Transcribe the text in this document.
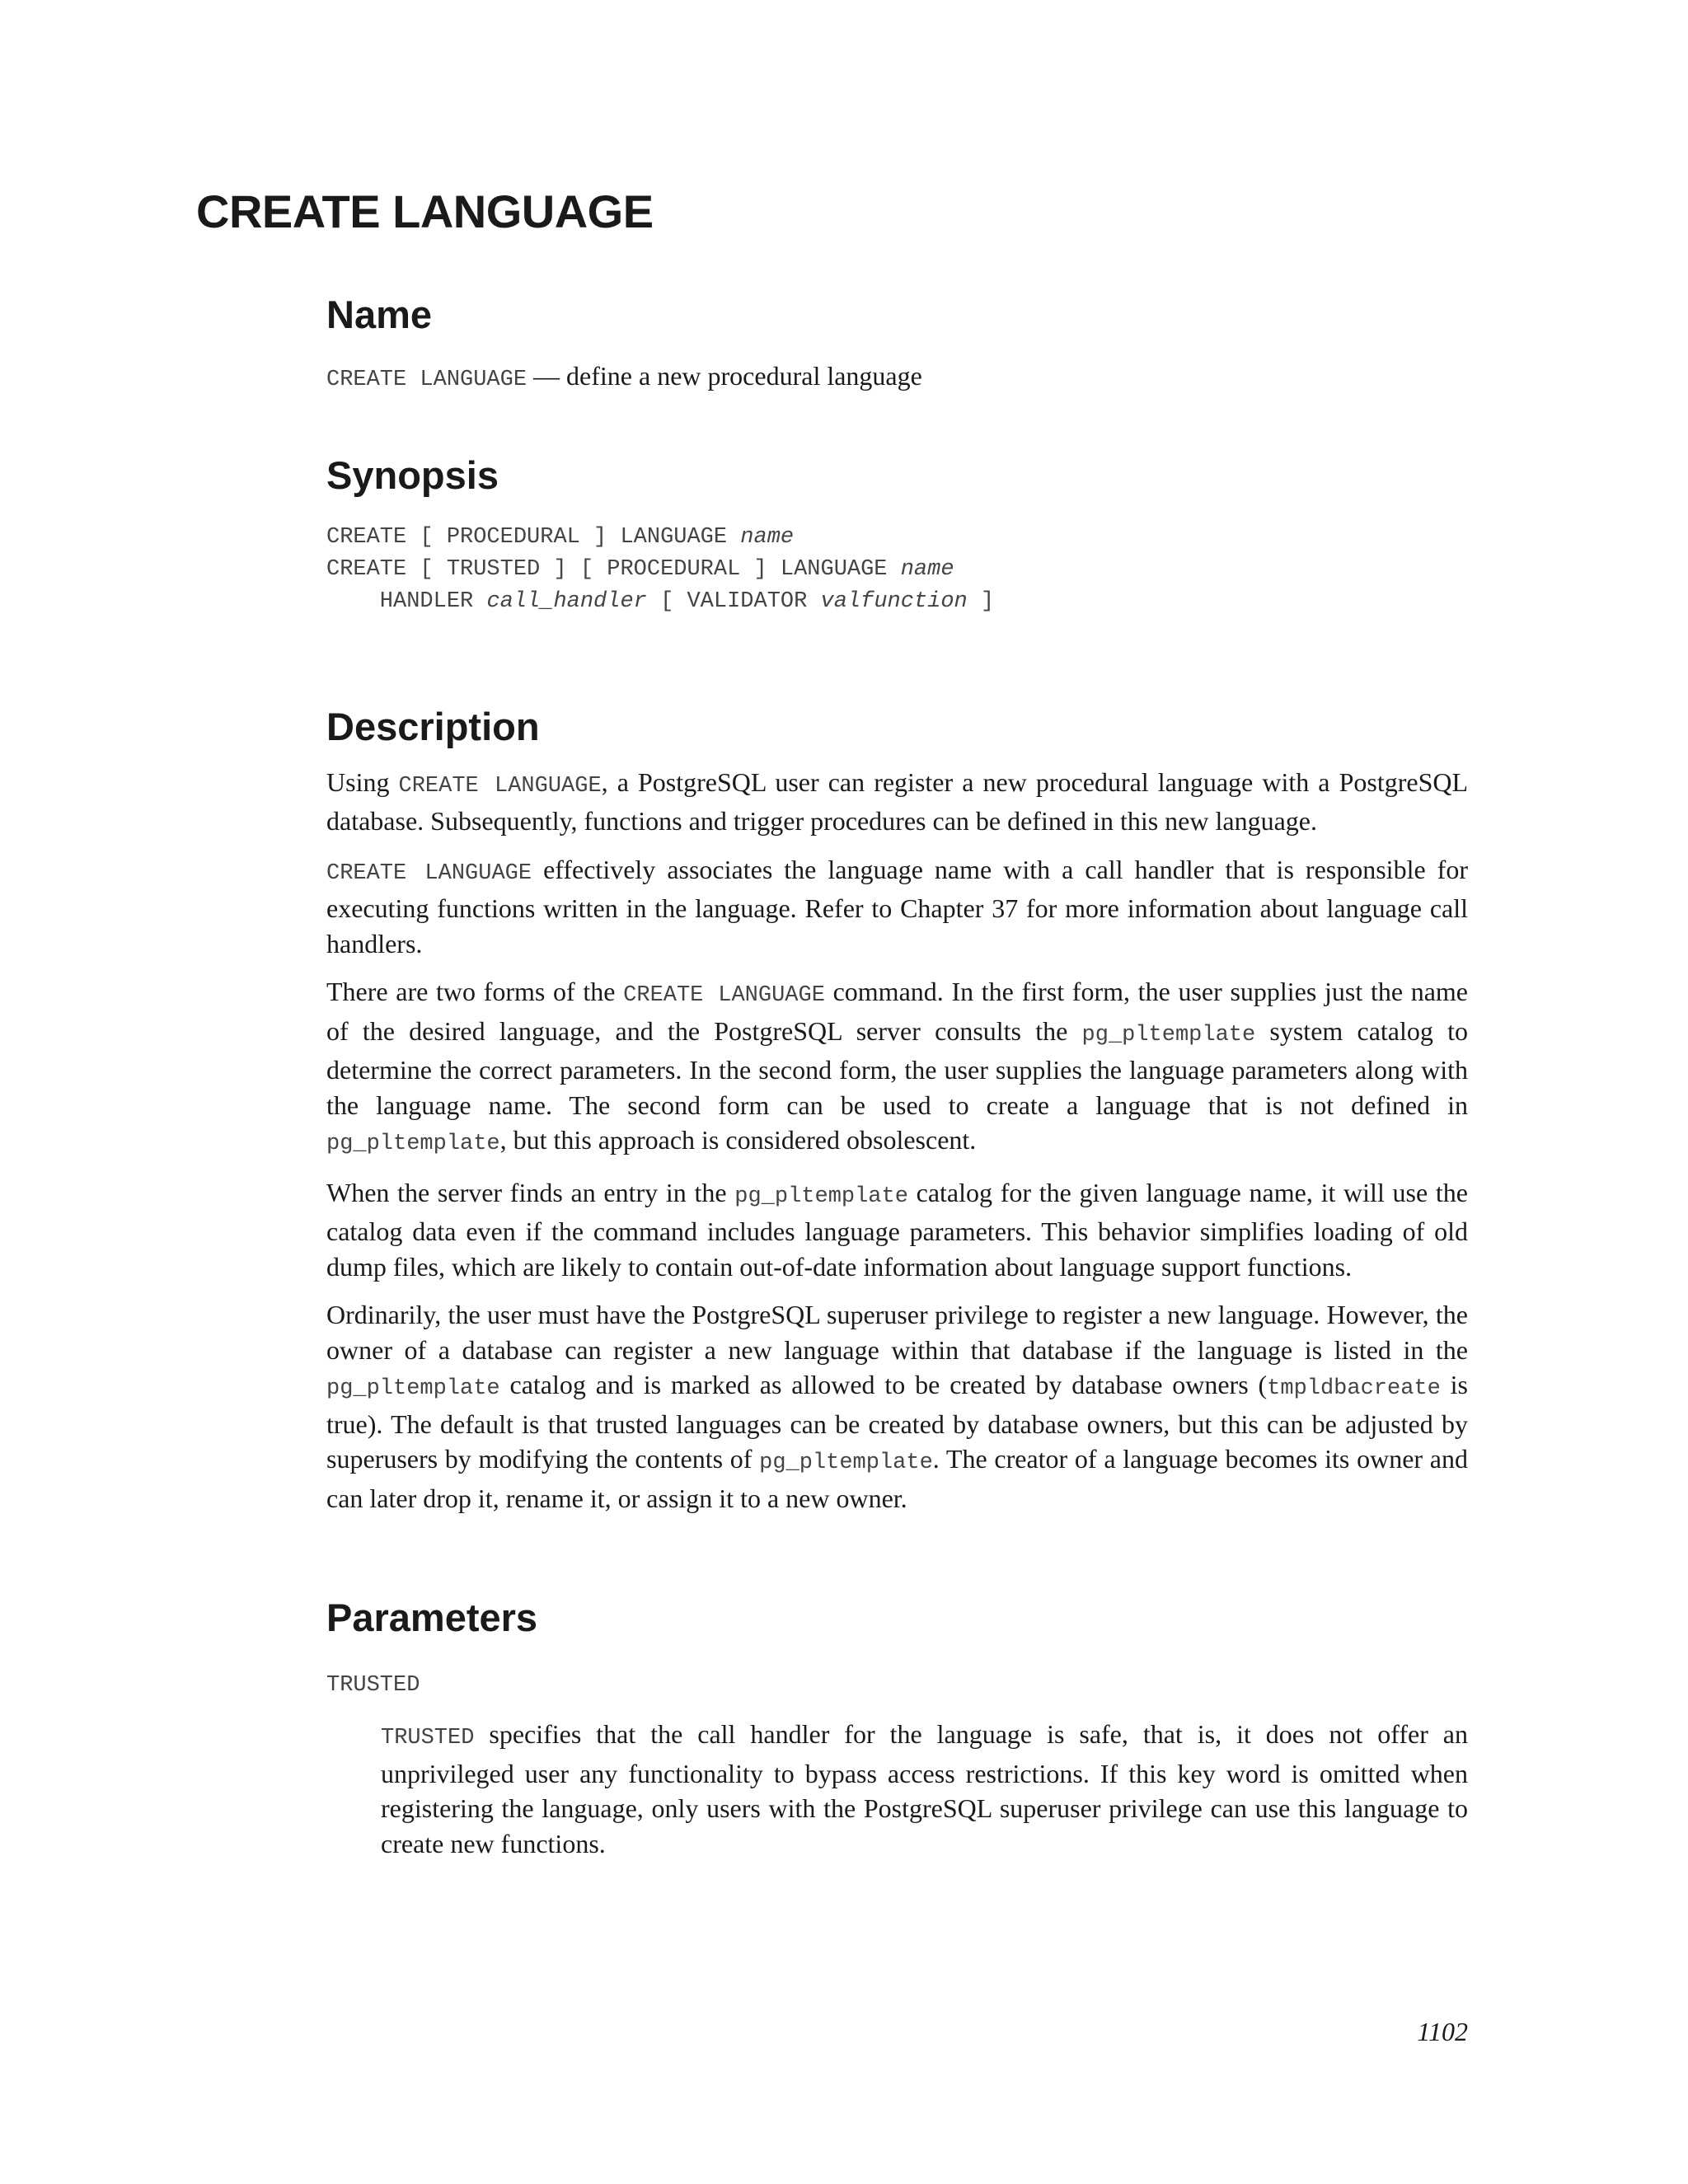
CREATE LANGUAGE
Name

CREATE LANGUAGE — define a new procedural language

Synopsis
CREATE [ PROCEDURAL ] LANGUAGE name
CREATE [ TRUSTED ] [ PROCEDURAL ] LANGUAGE name
HANDLER call_handler [ VALIDATOR valfunction ]
Description

Using CREATE LANGUAGE, a PostgreSQL user can register a new procedural language with a PostgreSQL database. Subsequently, functions and trigger procedures can be defined in this new language.

CREATE LANGUAGE effectively associates the language name with a call handler that is responsible for executing functions written in the language. Refer to Chapter 37 for more information about language call handlers.

There are two forms of the CREATE LANGUAGE command. In the first form, the user supplies just the name of the desired language, and the PostgreSQL server consults the pg_pltemplate system catalog to determine the correct parameters. In the second form, the user supplies the language parameters along with the language name. The second form can be used to create a language that is not defined in pg_pltemplate, but this approach is considered obsolescent.

When the server finds an entry in the pg_pltemplate catalog for the given language name, it will use the catalog data even if the command includes language parameters. This behavior simplifies loading of old dump files, which are likely to contain out-of-date information about language support functions.

Ordinarily, the user must have the PostgreSQL superuser privilege to register a new language. However, the owner of a database can register a new language within that database if the language is listed in the pg_pltemplate catalog and is marked as allowed to be created by database owners (tmpldbacreate is true). The default is that trusted languages can be created by database owners, but this can be adjusted by superusers by modifying the contents of pg_pltemplate. The creator of a language becomes its owner and can later drop it, rename it, or assign it to a new owner.

Parameters
TRUSTED

TRUSTED specifies that the call handler for the language is safe, that is, it does not offer an unprivileged user any functionality to bypass access restrictions. If this key word is omitted when registering the language, only users with the PostgreSQL superuser privilege can use this language to create new functions.

1102
